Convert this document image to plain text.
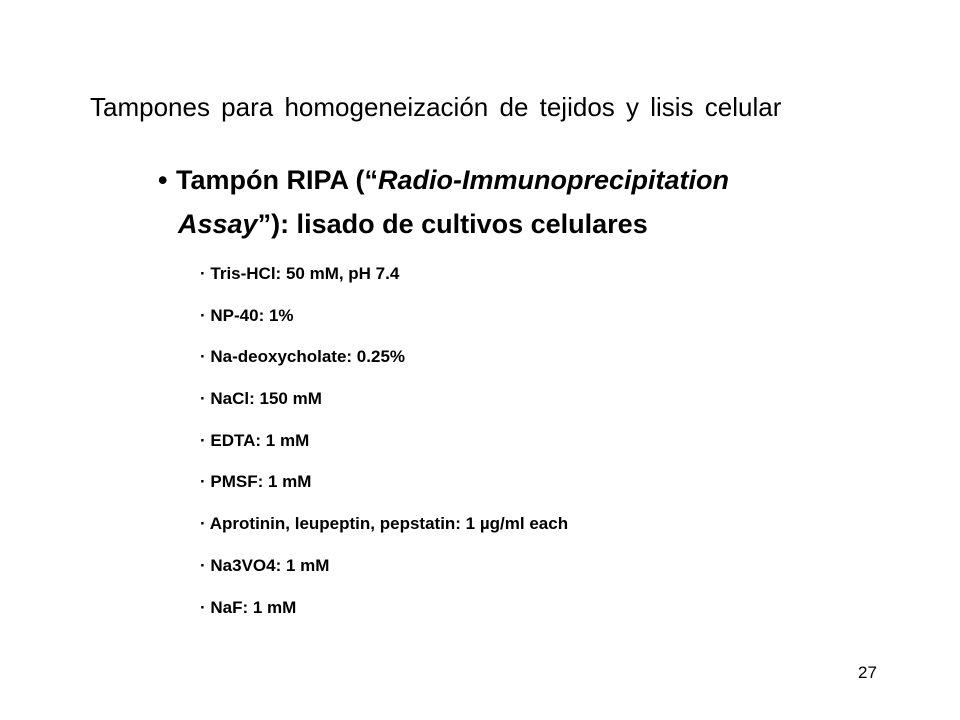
Tampones para homogeneización de tejidos y lisis celular
• Tampón RIPA (“Radio-Immunoprecipitation
Assay”): lisado de cultivos celulares
· Tris-HCl: 50 mM, pH 7.4
· NP-40: 1%
· Na-deoxycholate: 0.25%
· NaCl: 150 mM
· EDTA: 1 mM
· PMSF: 1 mM
· Aprotinin, leupeptin, pepstatin: 1 µg/ml each
· Na3VO4: 1 mM
· NaF: 1 mM
27
